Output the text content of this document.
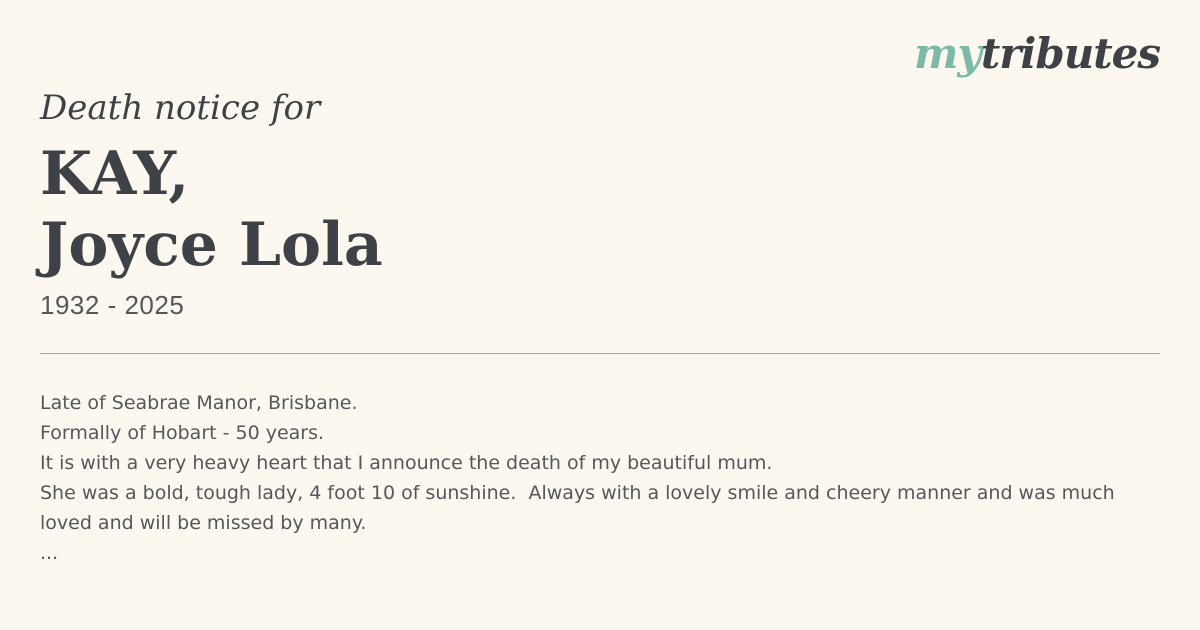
mytributes
Death notice for
KAY,
Joyce Lola
1932 - 2025

Late of Seabrae Manor, Brisbane.

Formally of Hobart - 50 years.

It is with a very heavy heart that I announce the death of my beautiful mum.

She was a bold, tough lady, 4 foot 10 of sunshine.  Always with a lovely smile and cheery manner and was much loved and will be missed by many.

...
